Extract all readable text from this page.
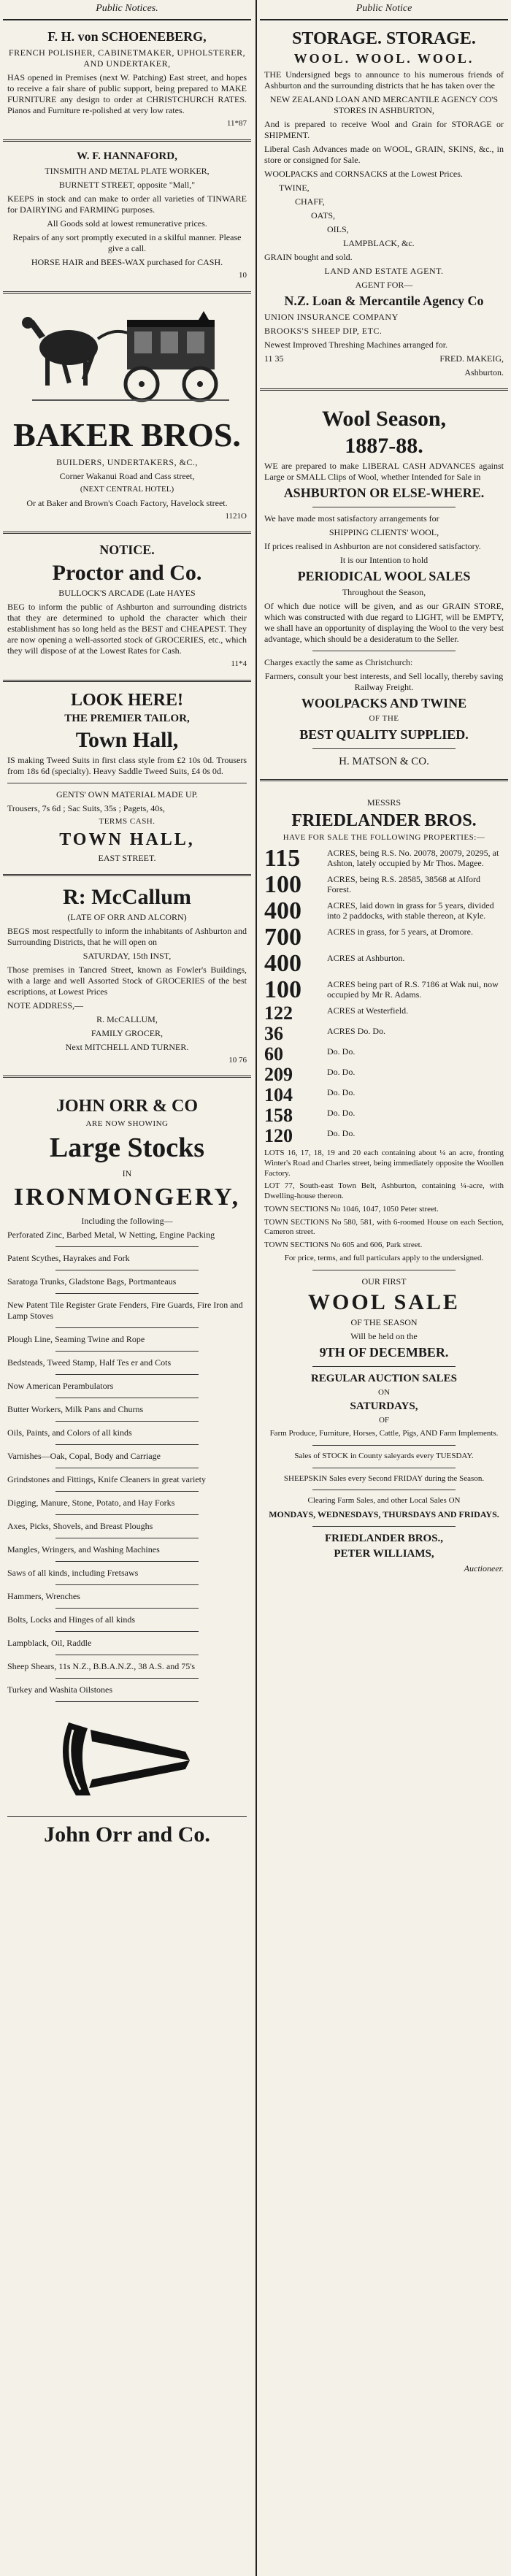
Public Notices.
F. H. von SCHOENEBERG,

FRENCH POLISHER, CABINETMAKER, UPHOLSTERER, AND UNDERTAKER,

HAS opened in Premises (next W. Patching) East street, and hopes to receive a fair share of public support, being prepared to MAKE FURNITURE any design to order at CHRISTCHURCH RATES. Pianos and Furniture re-polished at very low rates.

11*87

W. F. HANNAFORD,

TINSMITH AND METAL PLATE WORKER,

BURNETT STREET, opposite "Mall,"

KEEPS in stock and can make to order all varieties of TINWARE for DAIRYING and FARMING purposes.

All Goods sold at lowest remunerative prices.

Repairs of any sort promptly executed in a skilful manner. Please give a call.

HORSE HAIR and BEES-WAX purchased for CASH.

10

BAKER BROS.

BUILDERS, UNDERTAKERS, &C.,

Corner Wakanui Road and Cass street,

(NEXT CENTRAL HOTEL)

Or at Baker and Brown's Coach Factory, Havelock street.

1121O

NOTICE.
Proctor and Co.

BULLOCK'S ARCADE (Late HAYES

BEG to inform the public of Ashburton and surrounding districts that they are determined to uphold the character which their establishment has so long held as the BEST and CHEAPEST. They are now opening a well-assorted stock of GROCERIES, etc., which they will dispose of at the Lowest Rates for Cash.

11*4

LOOK HERE!
THE PREMIER TAILOR,
Town Hall,

IS making Tweed Suits in first class style from £2 10s 0d. Trousers from 18s 6d (specialty). Heavy Saddle Tweed Suits, £4 0s 0d.

GENTS' OWN MATERIAL MADE UP.

Trousers, 7s 6d ; Sac Suits, 35s ; Pagets, 40s,

TERMS CASH.

TOWN HALL,

EAST STREET.

R: McCallum

(LATE OF ORR AND ALCORN)

BEGS most respectfully to inform the inhabitants of Ashburton and Surrounding Districts, that he will open on

SATURDAY, 15th INST,

Those premises in Tancred Street, known as Fowler's Buildings, with a large and well Assorted Stock of GROCERIES of the best escriptions, at Lowest Prices

NOTE ADDRESS,—

R. McCALLUM,

FAMILY GROCER,

Next MITCHELL AND TURNER.

10 76

JOHN ORR & CO

ARE NOW SHOWING

Large Stocks

IN

IRONMONGERY,

Including the following—

Perforated Zinc, Barbed Metal, W Netting, Engine Packing

Patent Scythes, Hayrakes and Fork

Saratoga Trunks, Gladstone Bags, Portmanteaus

New Patent Tile Register Grate Fenders, Fire Guards, Fire Iron and Lamp Stoves

Plough Line, Seaming Twine and Rope

Bedsteads, Tweed Stamp, Half Tes er and Cots

Now American Perambulators

Butter Workers, Milk Pans and Churns

Oils, Paints, and Colors of all kinds

Varnishes—Oak, Copal, Body and Carriage

Grindstones and Fittings, Knife Cleaners in great variety

Digging, Manure, Stone, Potato, and Hay Forks

Axes, Picks, Shovels, and Breast Ploughs

Mangles, Wringers, and Washing Machines

Saws of all kinds, including Fretsaws

Hammers, Wrenches

Bolts, Locks and Hinges of all kinds

Lampblack, Oil, Raddle

Sheep Shears, 11s N.Z., B.B.A.N.Z., 38 A.S. and 75's

Turkey and Washita Oilstones

John Orr and Co.
Public Notice
STORAGE. STORAGE.
WOOL. WOOL. WOOL.

THE Undersigned begs to announce to his numerous friends of Ashburton and the surrounding districts that he has taken over the

NEW ZEALAND LOAN AND MERCANTILE AGENCY CO'S STORES IN ASHBURTON,

And is prepared to receive Wool and Grain for STORAGE or SHIPMENT.

Liberal Cash Advances made on WOOL, GRAIN, SKINS, &c., in store or consigned for Sale.

WOOLPACKS and CORNSACKS at the Lowest Prices.

TWINE,

CHAFF,

OATS,

OILS,

LAMPBLACK, &c.

GRAIN bought and sold.

LAND AND ESTATE AGENT.

AGENT FOR—

N.Z. Loan & Mercantile Agency Co

UNION INSURANCE COMPANY

BROOKS'S SHEEP DIP, ETC.

Newest Improved Threshing Machines arranged for.

11 35	FRED. MAKEIG,

Ashburton.

Wool Season,
1887-88.

WE are prepared to make LIBERAL CASH ADVANCES against Large or SMALL Clips of Wool, whether Intended for Sale in

ASHBURTON OR ELSE-WHERE.

We have made most satisfactory arrangements for

SHIPPING CLIENTS' WOOL,

If prices realised in Ashburton are not considered satisfactory.

It is our Intention to hold

PERIODICAL WOOL SALES

Throughout the Season,

Of which due notice will be given, and as our GRAIN STORE, which was constructed with due regard to LIGHT, will be EMPTY, we shall have an opportunity of displaying the Wool to the very best advantage, which should be a desideratum to the Seller.

Charges exactly the same as Christchurch:

Farmers, consult your best interests, and Sell locally, thereby saving Railway Freight.

WOOLPACKS AND TWINE

OF THE

BEST QUALITY SUPPLIED.

H. MATSON & CO.

MESSRS

FRIEDLANDER BROS.

HAVE FOR SALE THE FOLLOWING PROPERTIES:—

115	ACRES, being R.S. No. 20078, 20079, 20295, at Ashton, lately occupied by Mr Thos. Magee.
100	ACRES, being R.S. 28585, 38568 at Alford Forest.
400	ACRES, laid down in grass for 5 years, divided into 2 paddocks, with stable thereon, at Kyle.
700	ACRES in grass, for 5 years, at Dromore.
400	ACRES at Ashburton.
100	ACRES being part of R.S. 7186 at Wak nui, now occupied by Mr R. Adams.
122	ACRES at Westerfield.
36	ACRES Do. Do.
60	Do. Do.
209	Do. Do.
104	Do. Do.
158	Do. Do.
120	Do. Do.

LOTS 16, 17, 18, 19 and 20 each containing about ¼ an acre, fronting Winter's Road and Charles street, being immediately opposite the Woollen Factory.

LOT 77, South-east Town Belt, Ashburton, containing ¼-acre, with Dwelling-house thereon.

TOWN SECTIONS No 1046, 1047, 1050 Peter street.

TOWN SECTIONS No 580, 581, with 6-roomed House on each Section, Cameron street.

TOWN SECTIONS No 605 and 606, Park street.

For price, terms, and full particulars apply to the undersigned.

OUR FIRST

WOOL SALE

OF THE SEASON

Will be held on the

9TH OF DECEMBER.
REGULAR AUCTION SALES

ON

SATURDAYS,

OF

Farm Produce, Furniture, Horses, Cattle, Pigs, AND Farm Implements.

Sales of STOCK in County saleyards every TUESDAY.

SHEEPSKIN Sales every Second FRIDAY during the Season.

Clearing Farm Sales, and other Local Sales ON

MONDAYS, WEDNESDAYS, THURSDAYS AND FRIDAYS.

FRIEDLANDER BROS.,
PETER WILLIAMS,

Auctioneer.
